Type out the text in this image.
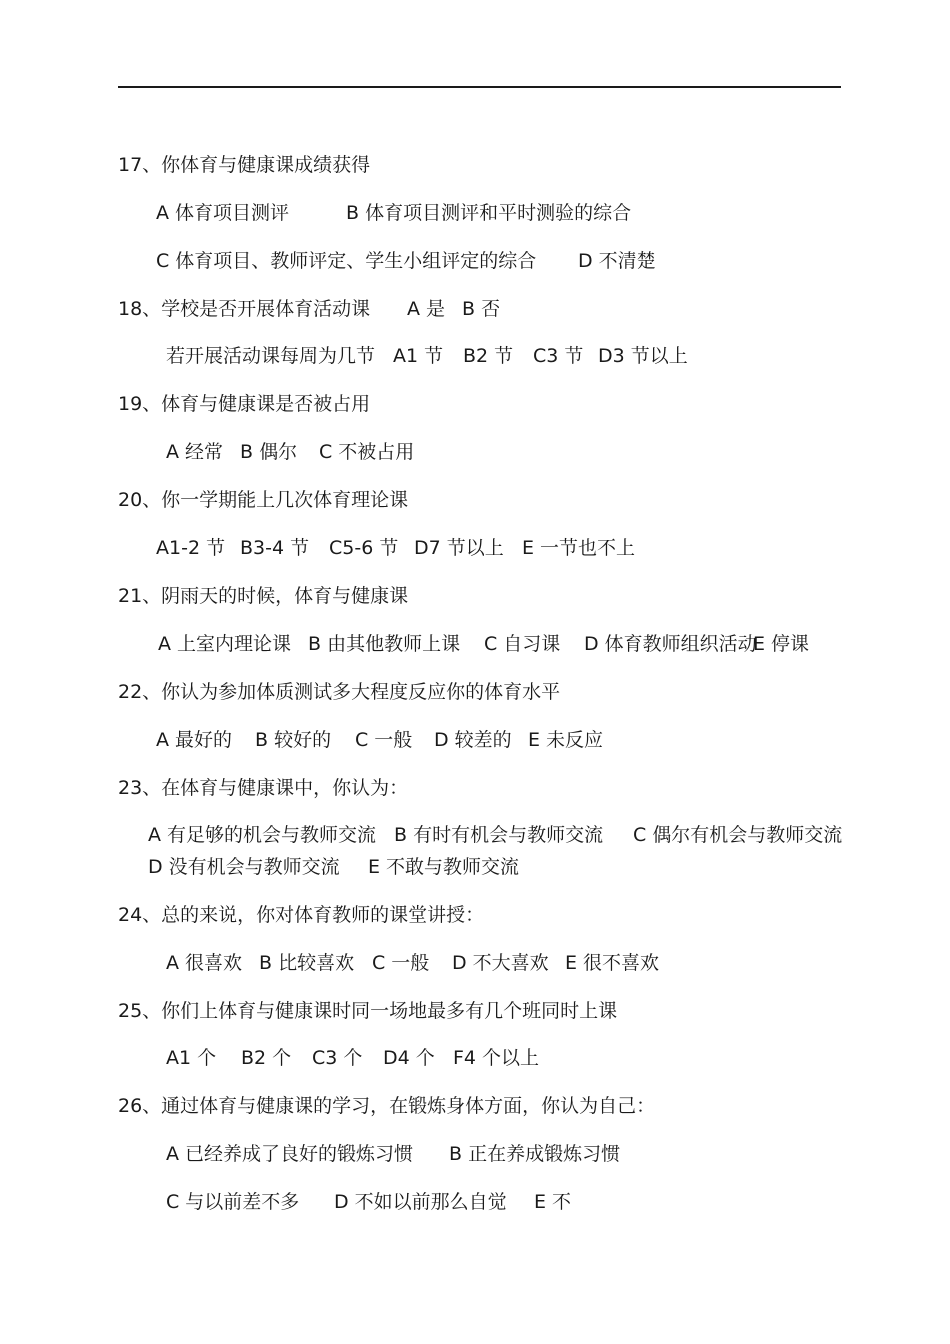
17、你体育与健康课成绩获得
A 体育项目测评	B 体育项目测评和平时测验的综合
C 体育项目、教师评定、学生小组评定的综合 D 不清楚
18、学校是否开展体育活动课 A 是 B 否
若开展活动课每周为几节 A1 节 B2 节 C3 节 D3 节以上
19、体育与健康课是否被占用
A 经常 B 偶尔 C 不被占用
20、你一学期能上几次体育理论课
A1-2 节 B3-4 节 C5-6 节 D7 节以上 E 一节也不上
21、阴雨天的时候，体育与健康课
A 上室内理论课 B 由其他教师上课 C 自习课 D 体育教师组织活动
E 停课
22、你认为参加体质测试多大程度反应你的体育水平
A 最好的 B 较好的 C 一般 D 较差的 E 未反应
23、在体育与健康课中，你认为：
A 有足够的机会与教师交流 B 有时有机会与教师交流 C 偶尔有机会与教师交流
D 没有机会与教师交流 E 不敢与教师交流
24、总的来说，你对体育教师的课堂讲授：
A 很喜欢 B 比较喜欢 C 一般 D 不大喜欢 E 很不喜欢
25、你们上体育与健康课时同一场地最多有几个班同时上课
A1 个 B2 个 C3 个 D4 个 F4 个以上
26、通过体育与健康课的学习，在锻炼身体方面，你认为自己：
A 已经养成了良好的锻炼习惯 B 正在养成锻炼习惯
C 与以前差不多 D 不如以前那么自觉 E 不
